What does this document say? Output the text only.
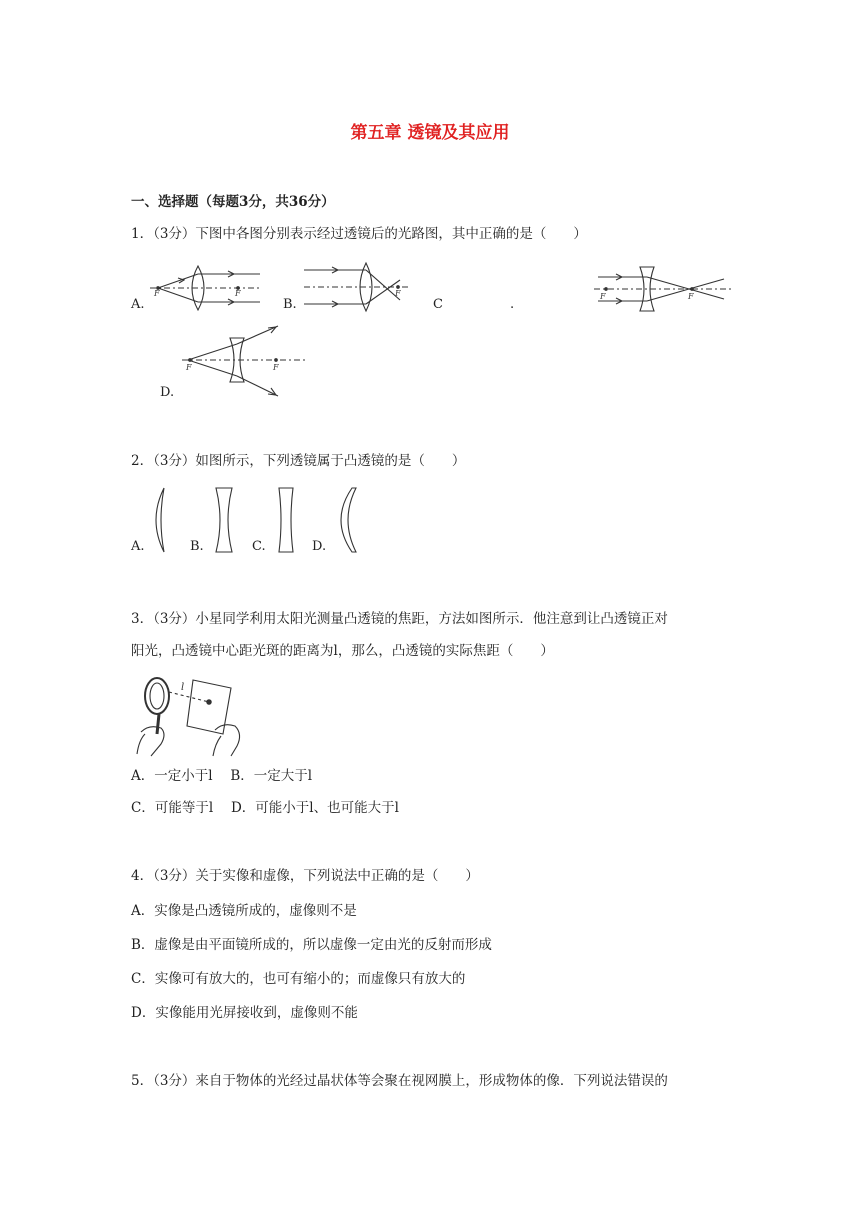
第五章 透镜及其应用
一、选择题（每题3分，共36分）
1．（3分）下图中各图分别表示经过透镜后的光路图，其中正确的是（　　）
A.	B.	C	.
D.
F	F	F	F	F
F	F
2．（3分）如图所示，下列透镜属于凸透镜的是（　　）
A.	B.	C.	D.
3．（3分）小星同学利用太阳光测量凸透镜的焦距，方法如图所示．他注意到让凸透镜正对
阳光，凸透镜中心距光斑的距离为l，那么，凸透镜的实际焦距（　　）
l
A．一定小于l　 B．一定大于l
C．可能等于l　 D．可能小于l、也可能大于l
4．（3分）关于实像和虚像，下列说法中正确的是（　　）
A．实像是凸透镜所成的，虚像则不是
B．虚像是由平面镜所成的，所以虚像一定由光的反射而形成
C．实像可有放大的，也可有缩小的；而虚像只有放大的
D．实像能用光屏接收到，虚像则不能
5．（3分）来自于物体的光经过晶状体等会聚在视网膜上，形成物体的像．下列说法错误的
